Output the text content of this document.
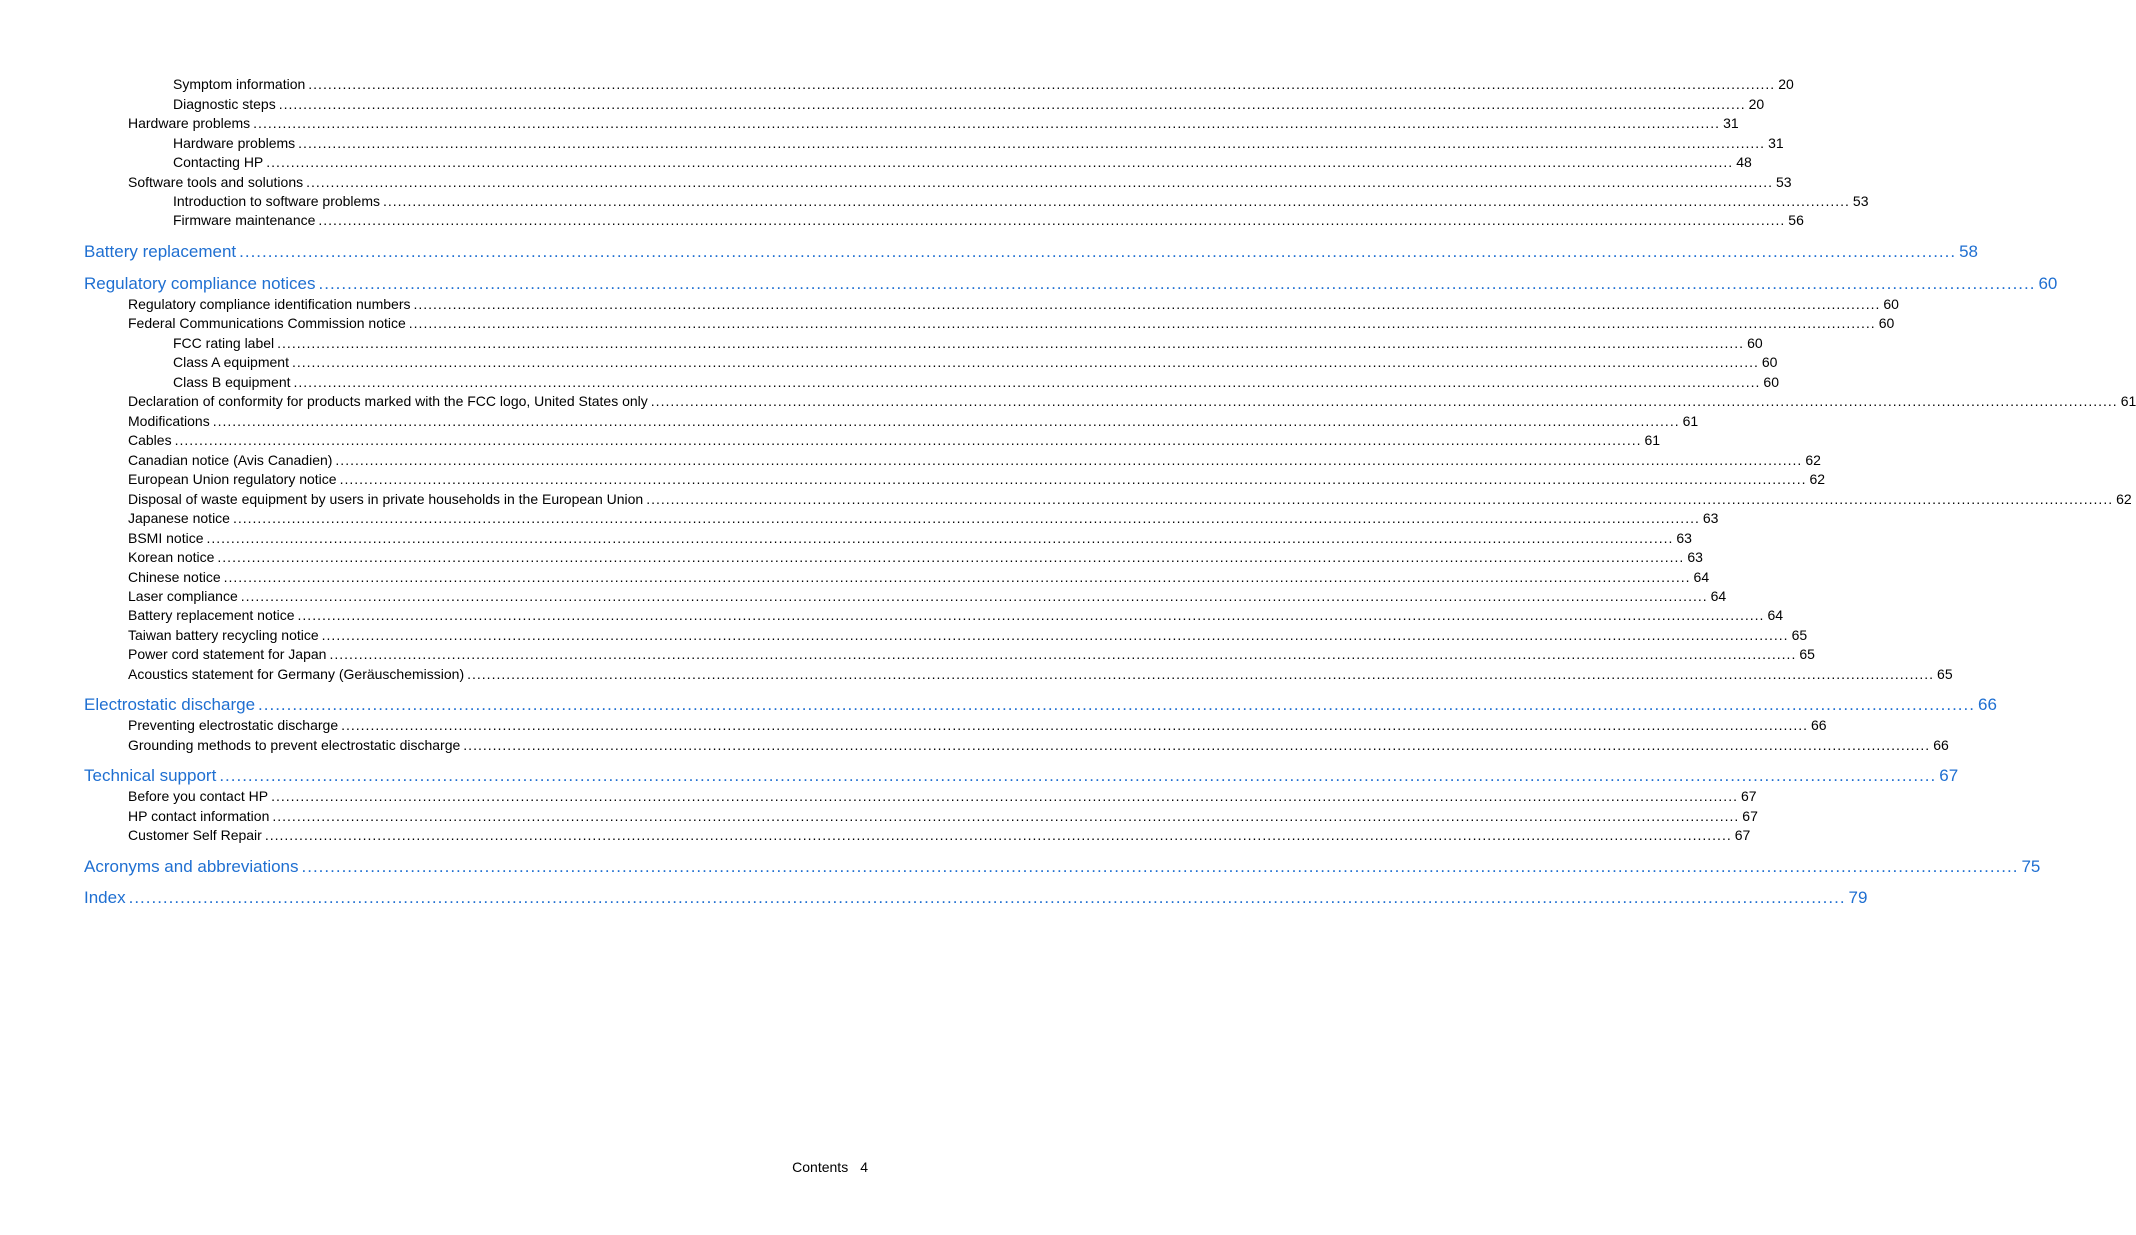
Symptom information ............................................................................................................................................................................................................................................................................................................ 20
Diagnostic steps ............................................................................................................................................................................................................................................................................................................ 20
Hardware problems ............................................................................................................................................................................................................................................................................................................ 31
Hardware problems ............................................................................................................................................................................................................................................................................................................ 31
Contacting HP ............................................................................................................................................................................................................................................................................................................ 48
Software tools and solutions ............................................................................................................................................................................................................................................................................................................ 53
Introduction to software problems ............................................................................................................................................................................................................................................................................................................ 53
Firmware maintenance ............................................................................................................................................................................................................................................................................................................ 56
Battery replacement ............................................................................................................................................................................................................................................................................................................ 58
Regulatory compliance notices ............................................................................................................................................................................................................................................................................................................ 60
Regulatory compliance identification numbers ............................................................................................................................................................................................................................................................................................................ 60
Federal Communications Commission notice ............................................................................................................................................................................................................................................................................................................ 60
FCC rating label ............................................................................................................................................................................................................................................................................................................ 60
Class A equipment ............................................................................................................................................................................................................................................................................................................ 60
Class B equipment ............................................................................................................................................................................................................................................................................................................ 60
Declaration of conformity for products marked with the FCC logo, United States only ............................................................................................................................................................................................................................................................................................................ 61
Modifications ............................................................................................................................................................................................................................................................................................................ 61
Cables ............................................................................................................................................................................................................................................................................................................ 61
Canadian notice (Avis Canadien) ............................................................................................................................................................................................................................................................................................................ 62
European Union regulatory notice ............................................................................................................................................................................................................................................................................................................ 62
Disposal of waste equipment by users in private households in the European Union ............................................................................................................................................................................................................................................................................................................ 62
Japanese notice ............................................................................................................................................................................................................................................................................................................ 63
BSMI notice ............................................................................................................................................................................................................................................................................................................ 63
Korean notice ............................................................................................................................................................................................................................................................................................................ 63
Chinese notice ............................................................................................................................................................................................................................................................................................................ 64
Laser compliance ............................................................................................................................................................................................................................................................................................................ 64
Battery replacement notice ............................................................................................................................................................................................................................................................................................................ 64
Taiwan battery recycling notice ............................................................................................................................................................................................................................................................................................................ 65
Power cord statement for Japan ............................................................................................................................................................................................................................................................................................................ 65
Acoustics statement for Germany (Geräuschemission) ............................................................................................................................................................................................................................................................................................................ 65
Electrostatic discharge ............................................................................................................................................................................................................................................................................................................ 66
Preventing electrostatic discharge ............................................................................................................................................................................................................................................................................................................ 66
Grounding methods to prevent electrostatic discharge ............................................................................................................................................................................................................................................................................................................ 66
Technical support ............................................................................................................................................................................................................................................................................................................ 67
Before you contact HP ............................................................................................................................................................................................................................................................................................................ 67
HP contact information ............................................................................................................................................................................................................................................................................................................ 67
Customer Self Repair ............................................................................................................................................................................................................................................................................................................ 67
Acronyms and abbreviations ............................................................................................................................................................................................................................................................................................................ 75
Index ............................................................................................................................................................................................................................................................................................................ 79
Contents 4
